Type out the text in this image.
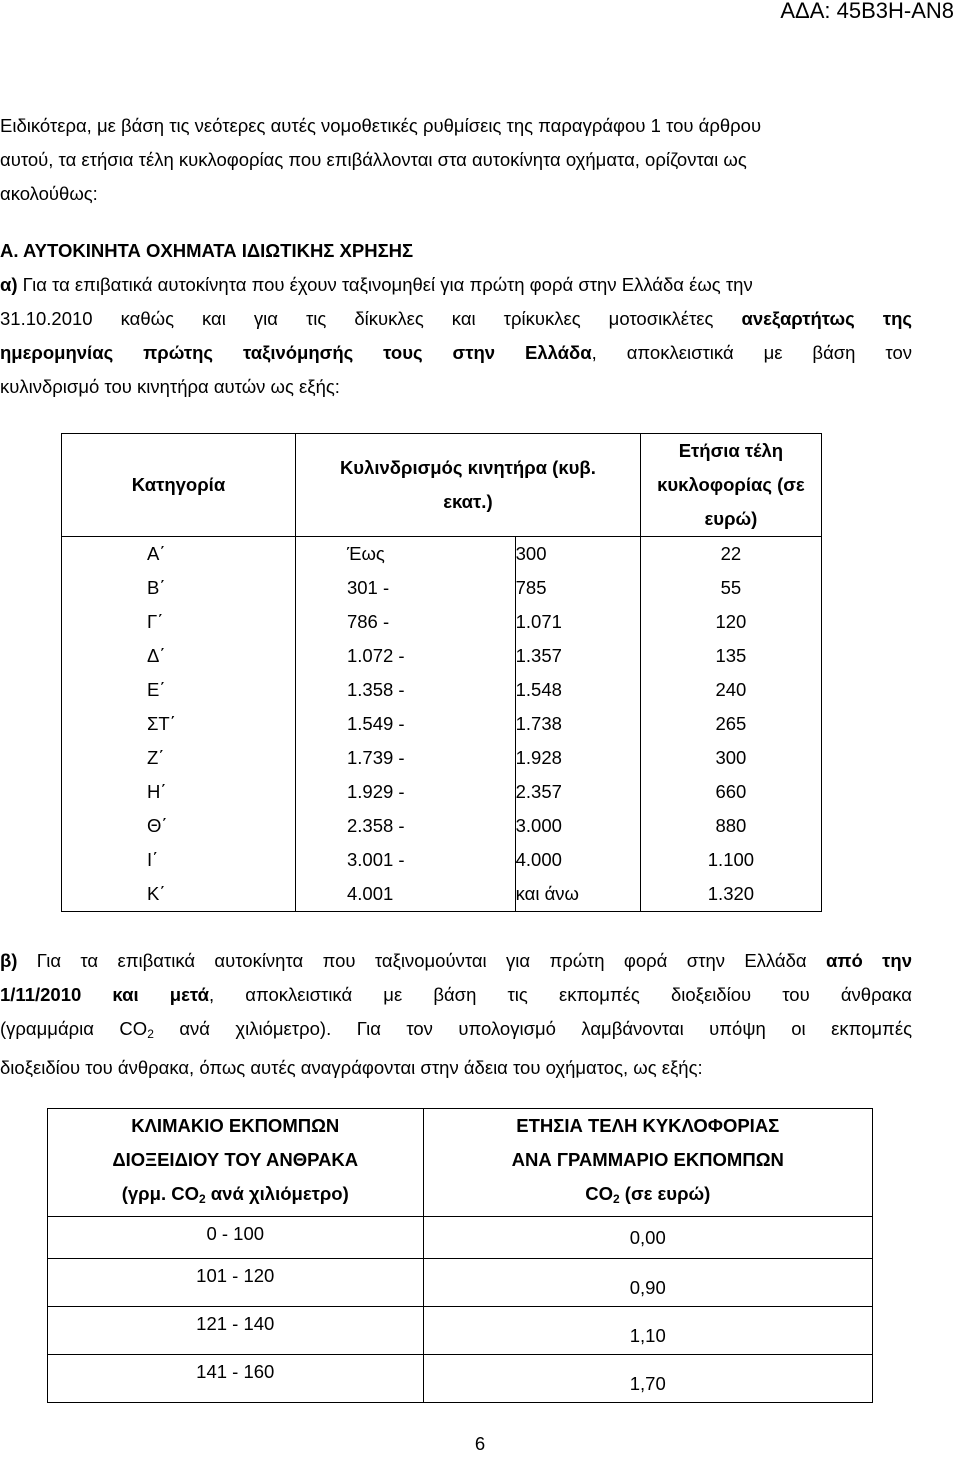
ΑΔΑ: 45Β3Η-ΑΝ8
Ειδικότερα, με βάση τις νεότερες αυτές νομοθετικές ρυθμίσεις της παραγράφου 1 του άρθρου
αυτού, τα ετήσια τέλη κυκλοφορίας που επιβάλλονται στα αυτοκίνητα οχήματα, ορίζονται ως
ακολούθως:
Α. ΑΥΤΟΚΙΝΗΤΑ ΟΧΗΜΑΤΑ ΙΔΙΩΤΙΚΗΣ ΧΡΗΣΗΣ
α) Για τα επιβατικά αυτοκίνητα που έχουν ταξινομηθεί για πρώτη φορά στην Ελλάδα έως την
31.10.2010 καθώς και για τις δίκυκλες και τρίκυκλες μοτοσικλέτες ανεξαρτήτως της
ημερομηνίας πρώτης ταξινόμησής τους στην Ελλάδα, αποκλειστικά με βάση τον
κυλινδρισμό του κινητήρα αυτών ως εξής:
Κατηγορία	Κυλινδρισμός κινητήρα (κυβ.
εκατ.)		Ετήσια τέλη
κυκλοφορίας (σε
ευρώ)

Α΄	Έως	300	22
Β΄	301 -	785	55
Γ΄	786 -	1.071	120
Δ΄	1.072 -	1.357	135
Ε΄	1.358 -	1.548	240
ΣΤ΄	1.549 -	1.738	265
Ζ΄	1.739 -	1.928	300
Η΄	1.929 -	2.357	660
Θ΄	2.358 -	3.000	880
Ι΄	3.001 -	4.000	1.100
Κ΄	4.001	και άνω	1.320
β) Για τα επιβατικά αυτοκίνητα που ταξινομούνται για πρώτη φορά στην Ελλάδα από την
1/11/2010 και μετά, αποκλειστικά με βάση τις εκπομπές διοξειδίου του άνθρακα
(γραμμάρια $CO_2$ ανά χιλιόμετρο). Για τον υπολογισμό λαμβάνονται υπόψη οι εκπομπές
διοξειδίου του άνθρακα, όπως αυτές αναγράφονται στην άδεια του οχήματος, ως εξής:
ΚΛΙΜΑΚΙΟ ΕΚΠΟΜΠΩΝ
ΔΙΟΞΕΙΔΙΟΥ ΤΟΥ ΑΝΘΡΑΚΑ
(γρμ. $CO_2$ ανά χιλιόμετρο)	ΕΤΗΣΙΑ ΤΕΛΗ ΚΥΚΛΟΦΟΡΙΑΣ
ΑΝΑ ΓΡΑΜΜΑΡΙΟ ΕΚΠΟΜΠΩΝ
$CO_2$ (σε ευρώ)

0 - 100	0,00
101 - 120	0,90
121 - 140	1,10
141 - 160	1,70
6
